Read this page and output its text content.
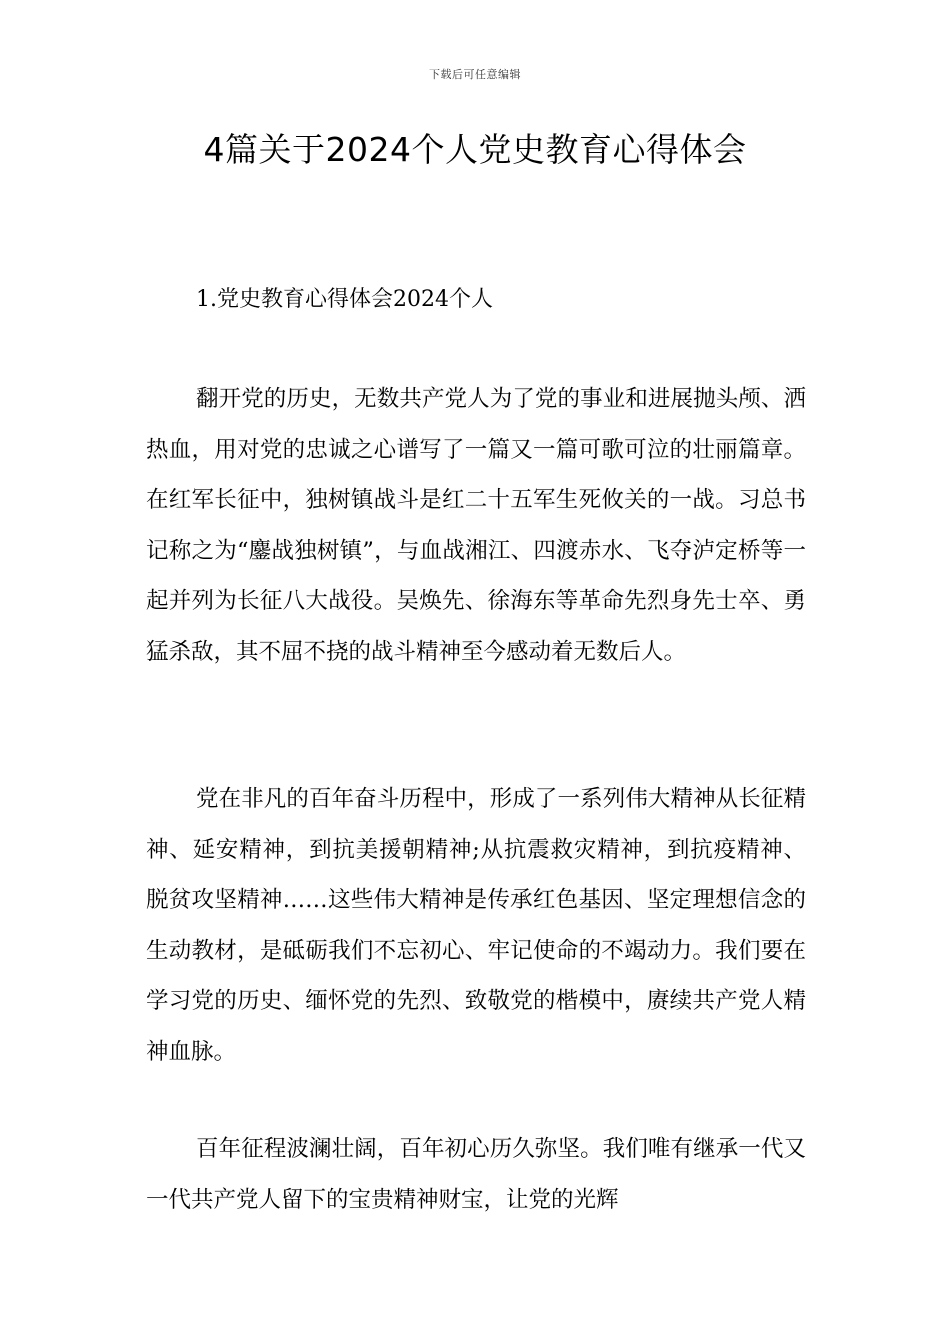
下载后可任意编辑
4篇关于2024个人党史教育心得体会
1.党史教育心得体会2024个人

翻开党的历史，无数共产党人为了党的事业和进展抛头颅、洒热血，用对党的忠诚之心谱写了一篇又一篇可歌可泣的壮丽篇章。在红军长征中，独树镇战斗是红二十五军生死攸关的一战。习总书记称之为“鏖战独树镇”，与血战湘江、四渡赤水、飞夺泸定桥等一起并列为长征八大战役。吴焕先、徐海东等革命先烈身先士卒、勇猛杀敌，其不屈不挠的战斗精神至今感动着无数后人。

党在非凡的百年奋斗历程中，形成了一系列伟大精神从长征精神、延安精神，到抗美援朝精神;从抗震救灾精神，到抗疫精神、脱贫攻坚精神……这些伟大精神是传承红色基因、坚定理想信念的生动教材，是砥砺我们不忘初心、牢记使命的不竭动力。我们要在学习党的历史、缅怀党的先烈、致敬党的楷模中，赓续共产党人精神血脉。

百年征程波澜壮阔，百年初心历久弥坚。我们唯有继承一代又一代共产党人留下的宝贵精神财宝，让党的光辉
